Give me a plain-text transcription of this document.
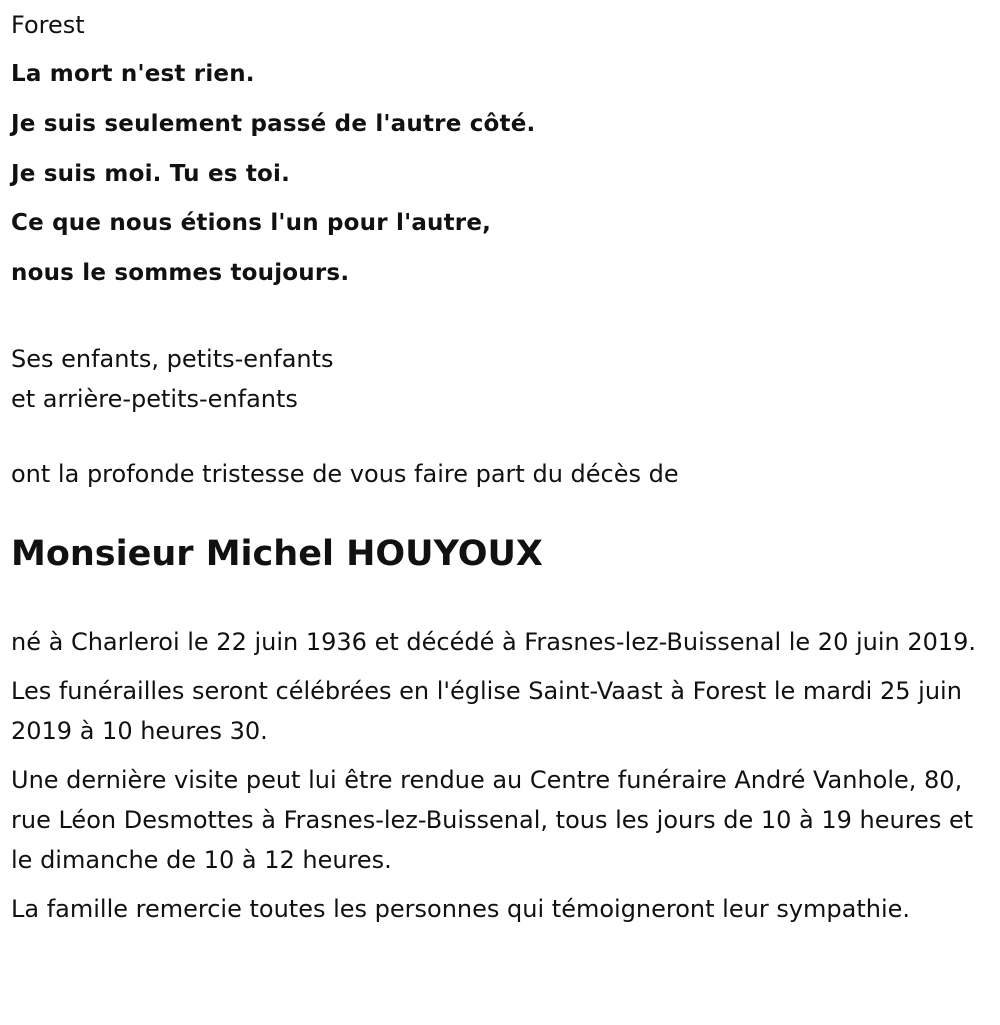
Forest
La mort n'est rien.
Je suis seulement passé de l'autre côté.
Je suis moi. Tu es toi.
Ce que nous étions l'un pour l'autre,
nous le sommes toujours.
Ses enfants, petits-enfants
et arrière-petits-enfants
ont la profonde tristesse de vous faire part du décès de
Monsieur Michel HOUYOUX

né à Charleroi le 22 juin 1936 et décédé à Frasnes-lez-Buissenal le 20 juin 2019.

Les funérailles seront célébrées en l'église Saint-Vaast à Forest le mardi 25 juin 2019 à 10 heures 30.

Une dernière visite peut lui être rendue au Centre funéraire André Vanhole, 80, rue Léon Desmottes à Frasnes-lez-Buissenal, tous les jours de 10 à 19 heures et le dimanche de 10 à 12 heures.

La famille remercie toutes les personnes qui témoigneront leur sympathie.
